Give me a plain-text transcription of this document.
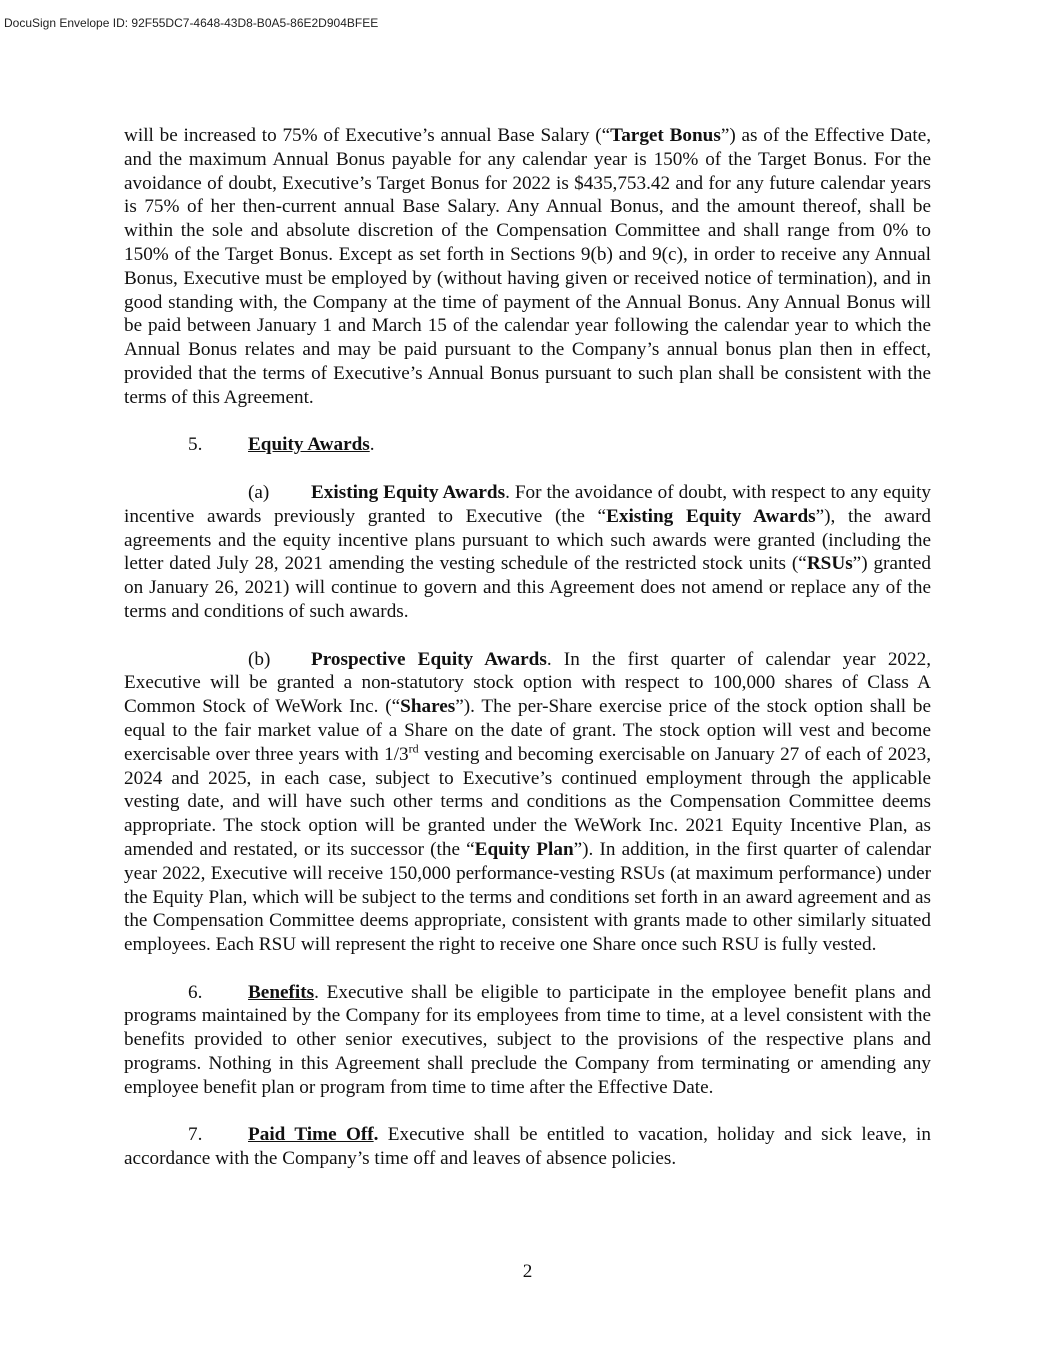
DocuSign Envelope ID: 92F55DC7-4648-43D8-B0A5-86E2D904BFEE

will be increased to 75% of Executive’s annual Base Salary (“Target Bonus”) as of the Effective Date, and the maximum Annual Bonus payable for any calendar year is 150% of the Target Bonus. For the avoidance of doubt, Executive’s Target Bonus for 2022 is $435,753.42 and for any future calendar years is 75% of her then-current annual Base Salary. Any Annual Bonus, and the amount thereof, shall be within the sole and absolute discretion of the Compensation Committee and shall range from 0% to 150% of the Target Bonus. Except as set forth in Sections 9(b) and 9(c), in order to receive any Annual Bonus, Executive must be employed by (without having given or received notice of termination), and in good standing with, the Company at the time of payment of the Annual Bonus. Any Annual Bonus will be paid between January 1 and March 15 of the calendar year following the calendar year to which the Annual Bonus relates and may be paid pursuant to the Company’s annual bonus plan then in effect, provided that the terms of Executive’s Annual Bonus pursuant to such plan shall be consistent with the terms of this Agreement.

5. Equity Awards.

(a) Existing Equity Awards. For the avoidance of doubt, with respect to any equity incentive awards previously granted to Executive (the “Existing Equity Awards”), the award agreements and the equity incentive plans pursuant to which such awards were granted (including the letter dated July 28, 2021 amending the vesting schedule of the restricted stock units (“RSUs”) granted on January 26, 2021) will continue to govern and this Agreement does not amend or replace any of the terms and conditions of such awards.

(b) Prospective Equity Awards. In the first quarter of calendar year 2022, Executive will be granted a non-statutory stock option with respect to 100,000 shares of Class A Common Stock of WeWork Inc. (“Shares”). The per-Share exercise price of the stock option shall be equal to the fair market value of a Share on the date of grant. The stock option will vest and become exercisable over three years with 1/3rd vesting and becoming exercisable on January 27 of each of 2023, 2024 and 2025, in each case, subject to Executive’s continued employment through the applicable vesting date, and will have such other terms and conditions as the Compensation Committee deems appropriate. The stock option will be granted under the WeWork Inc. 2021 Equity Incentive Plan, as amended and restated, or its successor (the “Equity Plan”). In addition, in the first quarter of calendar year 2022, Executive will receive 150,000 performance-vesting RSUs (at maximum performance) under the Equity Plan, which will be subject to the terms and conditions set forth in an award agreement and as the Compensation Committee deems appropriate, consistent with grants made to other similarly situated employees. Each RSU will represent the right to receive one Share once such RSU is fully vested.

6. Benefits. Executive shall be eligible to participate in the employee benefit plans and programs maintained by the Company for its employees from time to time, at a level consistent with the benefits provided to other senior executives, subject to the provisions of the respective plans and programs. Nothing in this Agreement shall preclude the Company from terminating or amending any employee benefit plan or program from time to time after the Effective Date.

7. Paid Time Off. Executive shall be entitled to vacation, holiday and sick leave, in accordance with the Company’s time off and leaves of absence policies.

2
